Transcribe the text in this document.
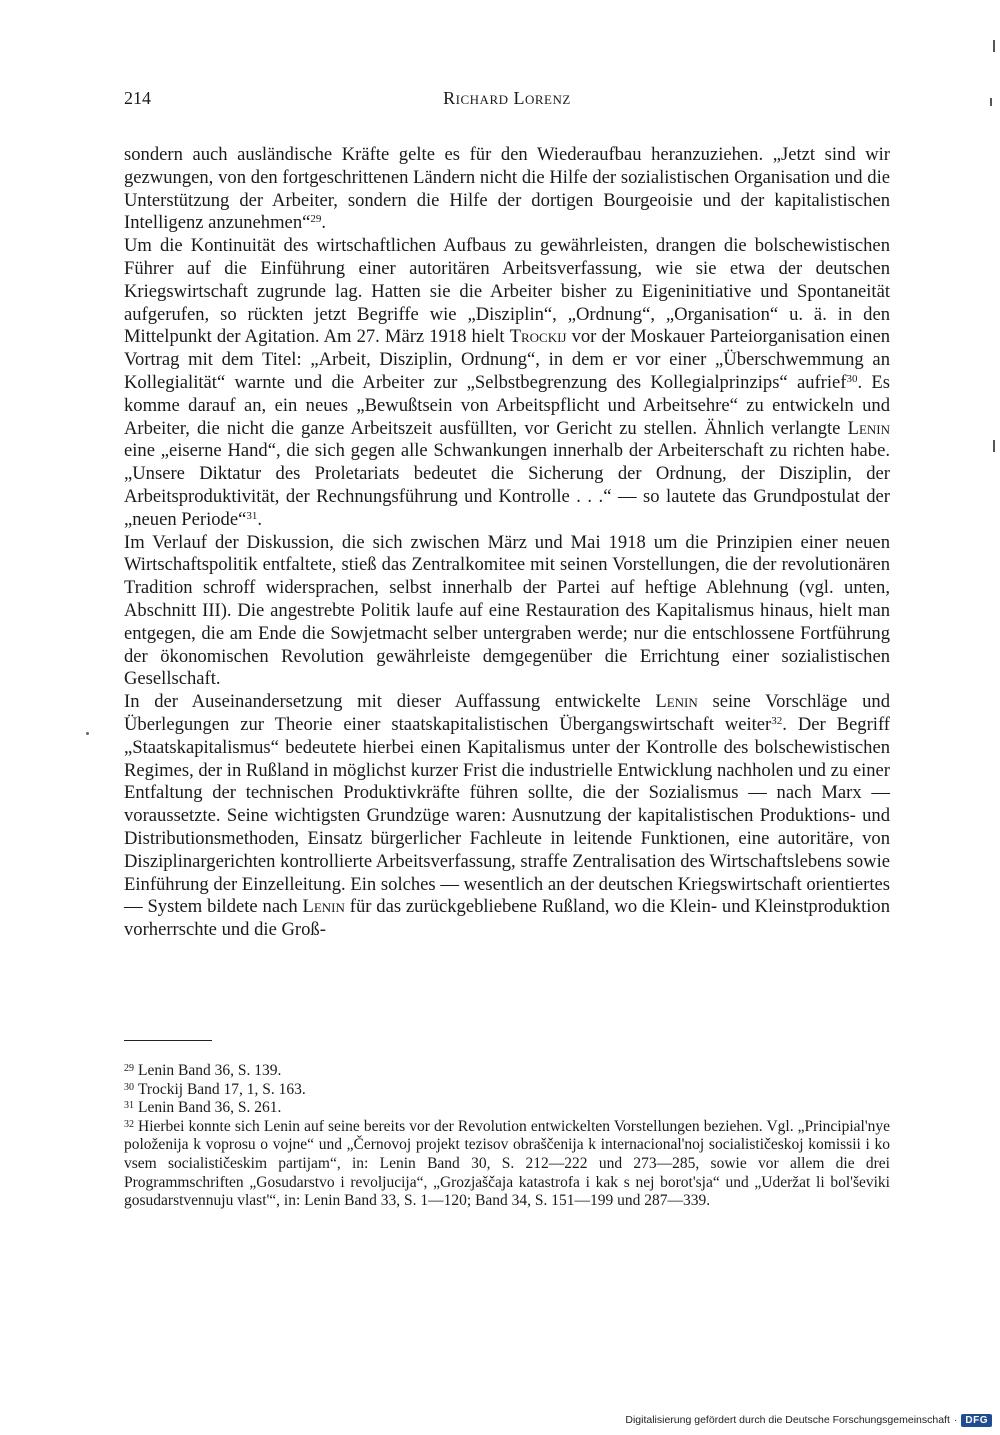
214	Richard Lorenz

sondern auch ausländische Kräfte gelte es für den Wiederaufbau heranzuziehen. „Jetzt sind wir gezwungen, von den fortgeschrittenen Ländern nicht die Hilfe der sozialistischen Organisation und die Unterstützung der Arbeiter, sondern die Hilfe der dortigen Bourgeoisie und der kapitalistischen Intelligenz anzunehmen“$^{29}$.

Um die Kontinuität des wirtschaftlichen Aufbaus zu gewährleisten, drangen die bolschewistischen Führer auf die Einführung einer autoritären Arbeitsverfassung, wie sie etwa der deutschen Kriegswirtschaft zugrunde lag. Hatten sie die Arbeiter bisher zu Eigeninitiative und Spontaneität aufgerufen, so rückten jetzt Begriffe wie „Disziplin“, „Ordnung“, „Organisation“ u. ä. in den Mittelpunkt der Agitation. Am 27. März 1918 hielt Trockij vor der Moskauer Parteiorganisation einen Vortrag mit dem Titel: „Arbeit, Disziplin, Ordnung“, in dem er vor einer „Überschwemmung an Kollegialität“ warnte und die Arbeiter zur „Selbstbegrenzung des Kollegialprinzips“ aufrief$^{30}$. Es komme darauf an, ein neues „Bewußtsein von Arbeitspflicht und Arbeitsehre“ zu entwickeln und Arbeiter, die nicht die ganze Arbeitszeit ausfüllten, vor Gericht zu stellen. Ähnlich verlangte Lenin eine „eiserne Hand“, die sich gegen alle Schwankungen innerhalb der Arbeiterschaft zu richten habe. „Unsere Diktatur des Proletariats bedeutet die Sicherung der Ordnung, der Disziplin, der Arbeitsproduktivität, der Rechnungsführung und Kontrolle . . .“ — so lautete das Grundpostulat der „neuen Periode“$^{31}$.

Im Verlauf der Diskussion, die sich zwischen März und Mai 1918 um die Prinzipien einer neuen Wirtschaftspolitik entfaltete, stieß das Zentralkomitee mit seinen Vorstellungen, die der revolutionären Tradition schroff widersprachen, selbst innerhalb der Partei auf heftige Ablehnung (vgl. unten, Abschnitt III). Die angestrebte Politik laufe auf eine Restauration des Kapitalismus hinaus, hielt man entgegen, die am Ende die Sowjetmacht selber untergraben werde; nur die entschlossene Fortführung der ökonomischen Revolution gewährleiste demgegenüber die Errichtung einer sozialistischen Gesellschaft.

In der Auseinandersetzung mit dieser Auffassung entwickelte Lenin seine Vorschläge und Überlegungen zur Theorie einer staatskapitalistischen Übergangswirtschaft weiter$^{32}$. Der Begriff „Staatskapitalismus“ bedeutete hierbei einen Kapitalismus unter der Kontrolle des bolschewistischen Regimes, der in Rußland in möglichst kurzer Frist die industrielle Entwicklung nachholen und zu einer Entfaltung der technischen Produktivkräfte führen sollte, die der Sozialismus — nach Marx — voraussetzte. Seine wichtigsten Grundzüge waren: Ausnutzung der kapitalistischen Produktions- und Distributionsmethoden, Einsatz bürgerlicher Fachleute in leitende Funktionen, eine autoritäre, von Disziplinargerichten kontrollierte Arbeitsverfassung, straffe Zentralisation des Wirtschaftslebens sowie Einführung der Einzelleitung. Ein solches — wesentlich an der deutschen Kriegswirtschaft orientiertes — System bildete nach Lenin für das zurückgebliebene Rußland, wo die Klein- und Kleinstproduktion vorherrschte und die Groß-

$^{29}$ Lenin Band 36, S. 139.

$^{30}$ Trockij Band 17, 1, S. 163.

$^{31}$ Lenin Band 36, S. 261.

$^{32}$ Hierbei konnte sich Lenin auf seine bereits vor der Revolution entwickelten Vorstellungen beziehen. Vgl. „Principial'nye položenija k voprosu o vojne“ und „Černovoj projekt tezisov obraščenija k internacional'noj socialističeskoj komissii i ko vsem socialističeskim partijam“, in: Lenin Band 30, S. 212—222 und 273—285, sowie vor allem die drei Programmschriften „Gosudarstvo i revoljucija“, „Grozjaščaja katastrofa i kak s nej borot'sja“ und „Uderžat li bol'ševiki gosudarstvennuju vlast'“, in: Lenin Band 33, S. 1—120; Band 34, S. 151—199 und 287—339.

Digitalisierung gefördert durch die Deutsche Forschungsgemeinschaft · DFG
